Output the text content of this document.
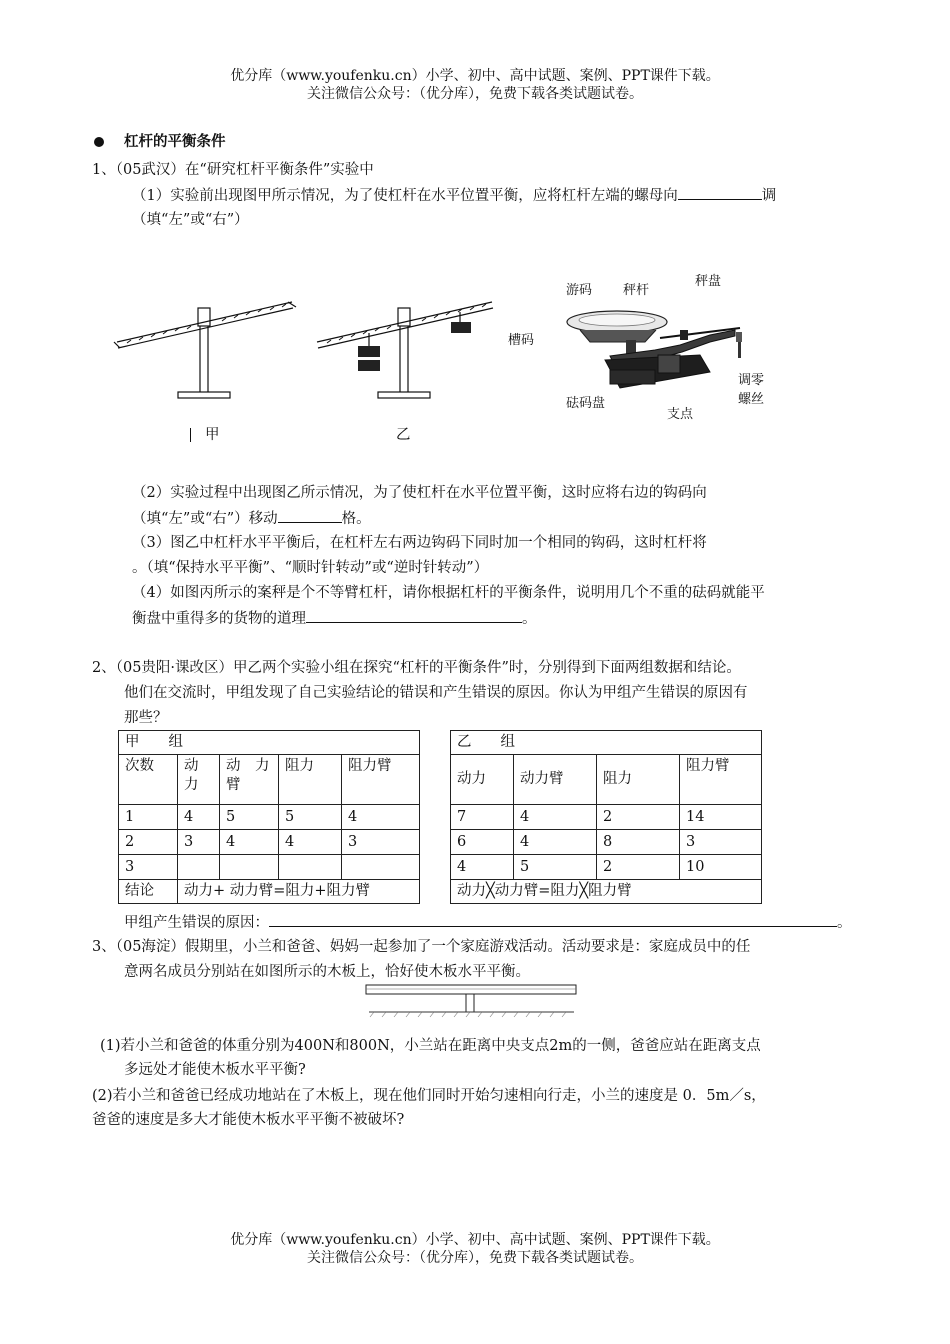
优分库（www.youfenku.cn）小学、初中、高中试题、案例、PPT课件下载。
关注微信公众号：（优分库），免费下载各类试题试卷。
杠杆的平衡条件
1、（05武汉）在“研究杠杆平衡条件”实验中
（1）实验前出现图甲所示情况，为了使杠杆在水平位置平衡，应将杠杆左端的螺母向	调
（填“左”或“右”）
甲	乙
游码 秤杆
秤盘
槽码
调零
螺丝
砝码盘
支点
（2）实验过程中出现图乙所示情况，为了使杠杆在水平位置平衡，这时应将右边的钩码向
（填“左”或“右”）移动	格。
（3）图乙中杠杆水平平衡后，在杠杆左右两边钩码下同时加一个相同的钩码，这时杠杆将
。（填“保持水平平衡”、“顺时针转动”或“逆时针转动”）
（4）如图丙所示的案秤是个不等臂杠杆，请你根据杠杆的平衡条件，说明用几个不重的砝码就能平
衡盘中重得多的货物的道理	。
2、（05贵阳·课改区）甲乙两个实验小组在探究“杠杆的平衡条件”时，分别得到下面两组数据和结论。
他们在交流时，甲组发现了自己实验结论的错误和产生错误的原因。你认为甲组产生错误的原因有
那些？
甲　　组				
次数	动　力	动　力　臂	阻力	阻力臂
1	4	5	5	4
2	3	4	4	3
3				
结论	动力+ 动力臂=阻力+阻力臂			
乙　　组			
动力	动力臂	阻力	阻力臂
7	4	2	14
6	4	8	3
4	5	2	10
动力╳动力臂=阻力╳阻力臂			
甲组产生错误的原因：	。
3、（05海淀）假期里，小兰和爸爸、妈妈一起参加了一个家庭游戏活动。活动要求是：家庭成员中的任
意两名成员分别站在如图所示的木板上，恰好使木板水平平衡。
(1)若小兰和爸爸的体重分别为400N和800N，小兰站在距离中央支点2m的一侧，爸爸应站在距离支点
多远处才能使木板水平平衡?
(2)若小兰和爸爸已经成功地站在了木板上，现在他们同时开始匀速相向行走，小兰的速度是 0．5m／s，
爸爸的速度是多大才能使木板水平平衡不被破坏?
优分库（www.youfenku.cn）小学、初中、高中试题、案例、PPT课件下载。
关注微信公众号：（优分库），免费下载各类试题试卷。
